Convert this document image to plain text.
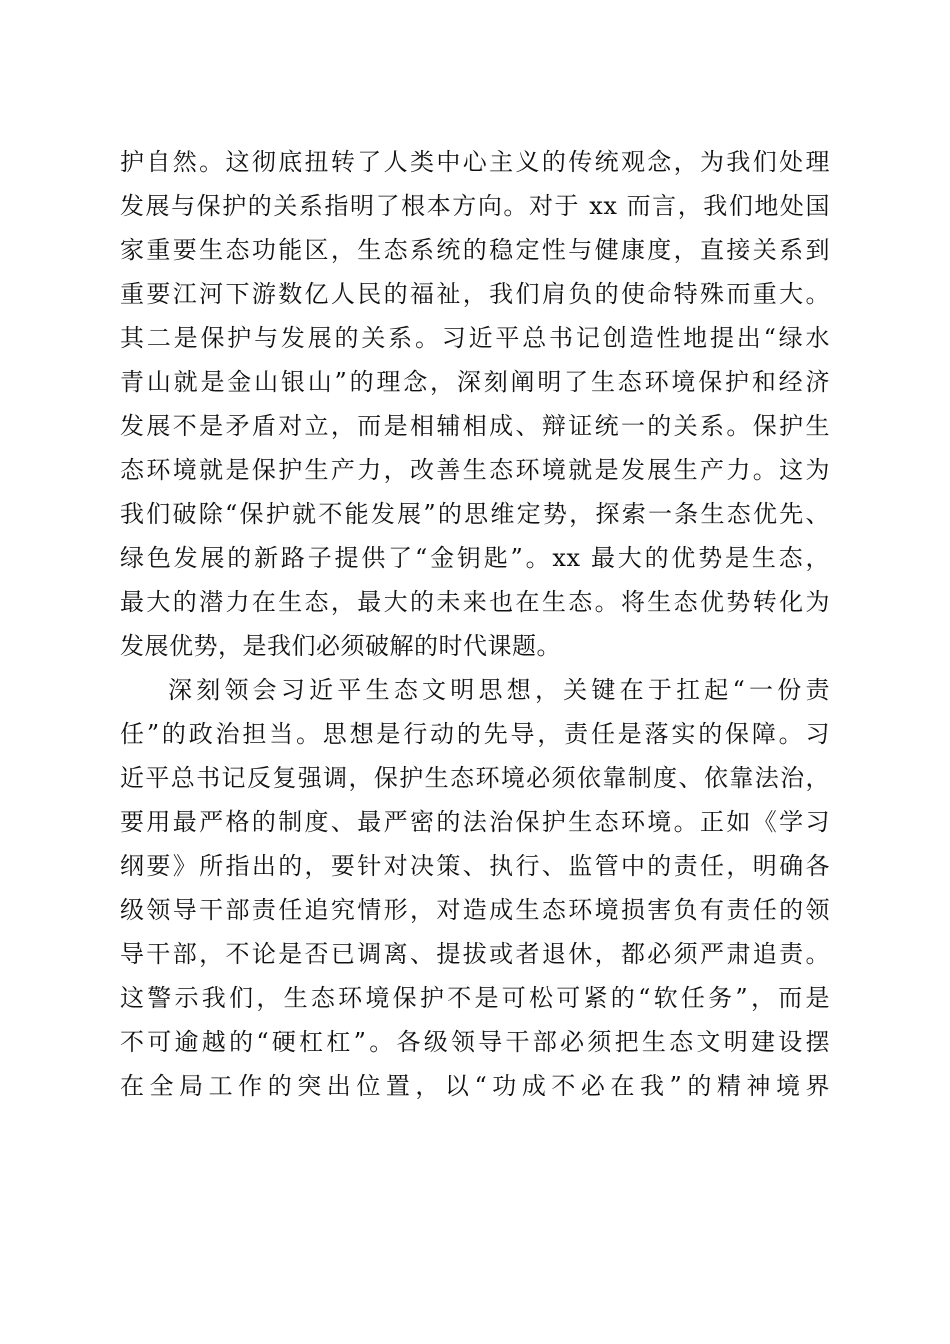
护自然。这彻底扭转了人类中心主义的传统观念，为我们处理
发展与保护的关系指明了根本方向。对于 xx 而言，我们地处国
家重要生态功能区，生态系统的稳定性与健康度，直接关系到
重要江河下游数亿人民的福祉，我们肩负的使命特殊而重大。
其二是保护与发展的关系。习近平总书记创造性地提出“绿水
青山就是金山银山”的理念，深刻阐明了生态环境保护和经济
发展不是矛盾对立，而是相辅相成、辩证统一的关系。保护生
态环境就是保护生产力，改善生态环境就是发展生产力。这为
我们破除“保护就不能发展”的思维定势，探索一条生态优先、
绿色发展的新路子提供了“金钥匙”。xx 最大的优势是生态，
最大的潜力在生态，最大的未来也在生态。将生态优势转化为
发展优势，是我们必须破解的时代课题。
深刻领会习近平生态文明思想，关键在于扛起“一份责
任”的政治担当。思想是行动的先导，责任是落实的保障。习
近平总书记反复强调，保护生态环境必须依靠制度、依靠法治，
要用最严格的制度、最严密的法治保护生态环境。正如《学习
纲要》所指出的，要针对决策、执行、监管中的责任，明确各
级领导干部责任追究情形，对造成生态环境损害负有责任的领
导干部，不论是否已调离、提拔或者退休，都必须严肃追责。
这警示我们，生态环境保护不是可松可紧的“软任务”，而是
不可逾越的“硬杠杠”。各级领导干部必须把生态文明建设摆
在全局工作的突出位置，以“功成不必在我”的精神境界
